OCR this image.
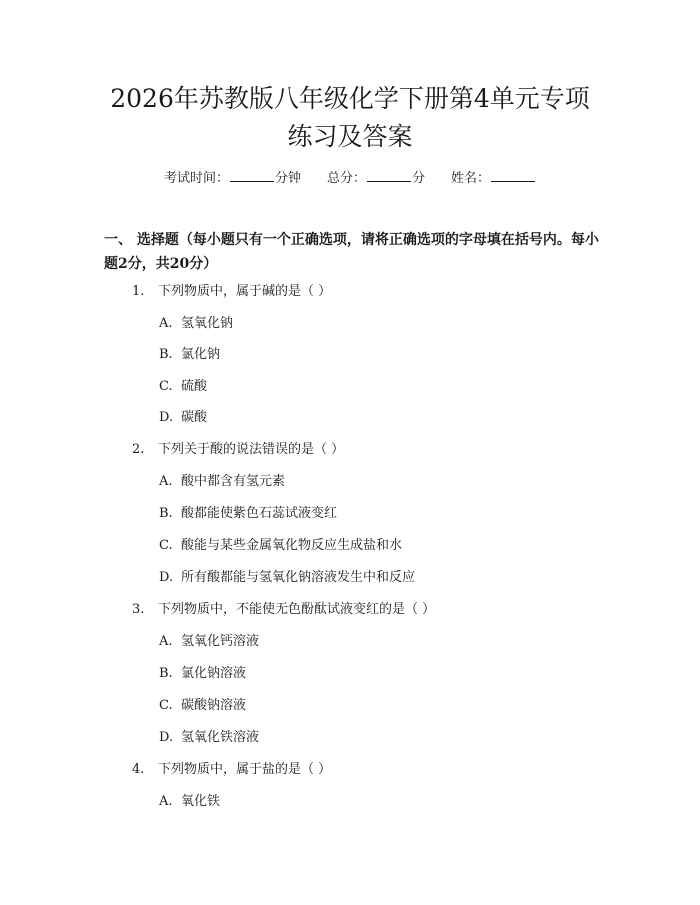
2026年苏教版八年级化学下册第4单元专项
练习及答案
考试时间：	分钟 总分：	分 姓名：

一、 选择题（每小题只有一个正确选项，请将正确选项的字母填在括号内。每小题2分，共20分）

1. 下列物质中，属于碱的是（ ）
A. 氢氧化钠
B. 氯化钠
C. 硫酸
D. 碳酸
2. 下列关于酸的说法错误的是（ ）
A. 酸中都含有氢元素
B. 酸都能使紫色石蕊试液变红
C. 酸能与某些金属氧化物反应生成盐和水
D. 所有酸都能与氢氧化钠溶液发生中和反应
3. 下列物质中，不能使无色酚酞试液变红的是（ ）
A. 氢氧化钙溶液
B. 氯化钠溶液
C. 碳酸钠溶液
D. 氢氧化铁溶液
4. 下列物质中，属于盐的是（ ）
A. 氧化铁
